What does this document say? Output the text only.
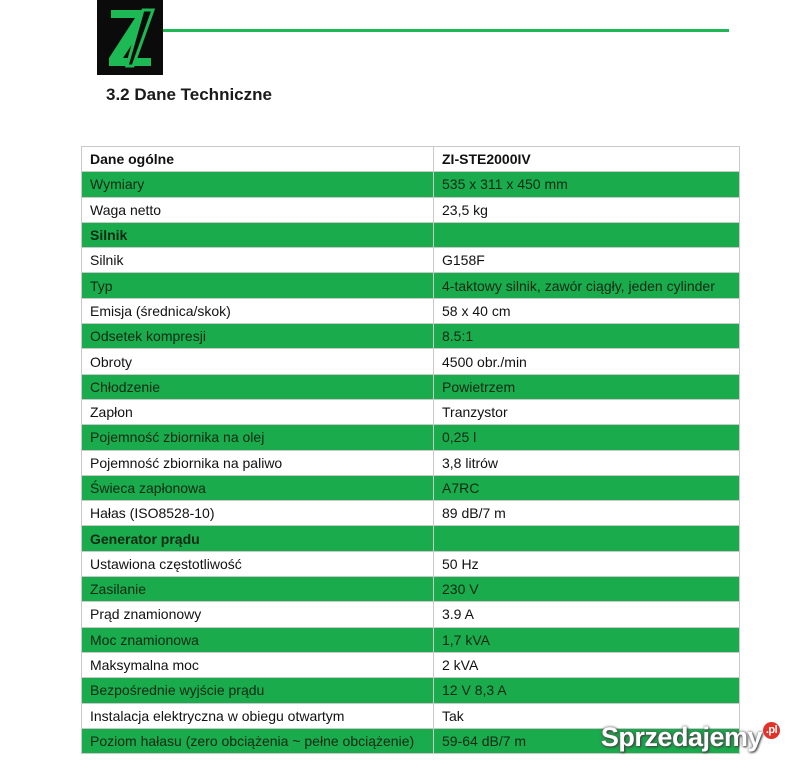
3.2 Dane Techniczne
Dane ogólne	ZI-STE2000IV
Wymiary	535 x 311 x 450 mm
Waga netto	23,5 kg
Silnik	
Silnik	G158F
Typ	4-taktowy silnik, zawór ciągły, jeden cylinder
Emisja (średnica/skok)	58 x 40 cm
Odsetek kompresji	8.5:1
Obroty	4500 obr./min
Chłodzenie	Powietrzem
Zapłon	Tranzystor
Pojemność zbiornika na olej	0,25 l
Pojemność zbiornika na paliwo	3,8 litrów
Świeca zapłonowa	A7RC
Hałas (ISO8528-10)	89 dB/7 m
Generator prądu	
Ustawiona częstotliwość	50 Hz
Zasilanie	230 V
Prąd znamionowy	3.9 A
Moc znamionowa	1,7 kVA
Maksymalna moc	2 kVA
Bezpośrednie wyjście prądu	12 V 8,3 A
Instalacja elektryczna w obiegu otwartym	Tak
Poziom hałasu (zero obciążenia ~ pełne obciążenie)	59-64 dB/7 m	Sprzedajemy .pl
